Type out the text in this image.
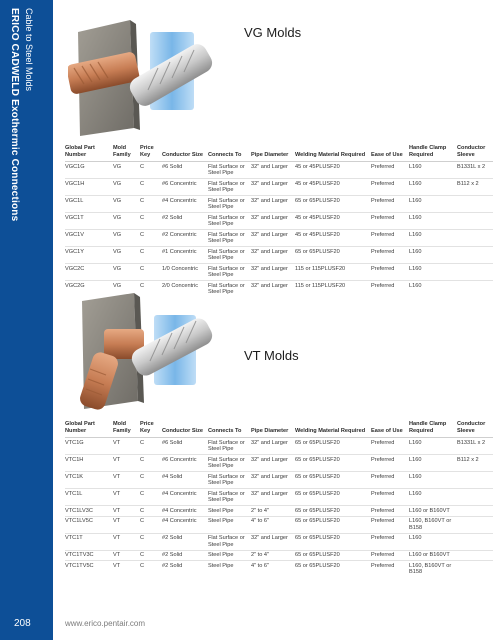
ERICO CADWELD Exothermic Connections Cable to Steel Molds
208
VG Molds
Global Part Number	Mold Family	Price Key	Conductor Size	Connects To	Pipe Diameter	Welding Material Required	Ease of Use	Handle Clamp Required	Conductor Sleeve
VGC1G	VG	C	#6 Solid	Flat Surface or Steel Pipe	32" and Larger	45 or 45PLUSF20	Preferred	L160	B1331L x 2
VGC1H	VG	C	#6 Concentric	Flat Surface or Steel Pipe	32" and Larger	45 or 45PLUSF20	Preferred	L160	B112 x 2
VGC1L	VG	C	#4 Concentric	Flat Surface or Steel Pipe	32" and Larger	65 or 65PLUSF20	Preferred	L160	
VGC1T	VG	C	#2 Solid	Flat Surface or Steel Pipe	32" and Larger	45 or 45PLUSF20	Preferred	L160	
VGC1V	VG	C	#2 Concentric	Flat Surface or Steel Pipe	32" and Larger	45 or 45PLUSF20	Preferred	L160	
VGC1Y	VG	C	#1 Concentric	Flat Surface or Steel Pipe	32" and Larger	65 or 65PLUSF20	Preferred	L160	
VGC2C	VG	C	1/0 Concentric	Flat Surface or Steel Pipe	32" and Larger	115 or 115PLUSF20	Preferred	L160	
VGC2G	VG	C	2/0 Concentric	Flat Surface or Steel Pipe	32" and Larger	115 or 115PLUSF20	Preferred	L160	
VT Molds
Global Part Number	Mold Family	Price Key	Conductor Size	Connects To	Pipe Diameter	Welding Material Required	Ease of Use	Handle Clamp Required	Conductor Sleeve
VTC1G	VT	C	#6 Solid	Flat Surface or Steel Pipe	32" and Larger	65 or 65PLUSF20	Preferred	L160	B1331L x 2
VTC1H	VT	C	#6 Concentric	Flat Surface or Steel Pipe	32" and Larger	65 or 65PLUSF20	Preferred	L160	B112 x 2
VTC1K	VT	C	#4 Solid	Flat Surface or Steel Pipe	32" and Larger	65 or 65PLUSF20	Preferred	L160	
VTC1L	VT	C	#4 Concentric	Flat Surface or Steel Pipe	32" and Larger	65 or 65PLUSF20	Preferred	L160	
VTC1LV3C	VT	C	#4 Concentric	Steel Pipe	2" to 4"	65 or 65PLUSF20	Preferred	L160 or B160VT	
VTC1LV5C	VT	C	#4 Concentric	Steel Pipe	4" to 6"	65 or 65PLUSF20	Preferred	L160, B160VT or B158	
VTC1T	VT	C	#2 Solid	Flat Surface or Steel Pipe	32" and Larger	65 or 65PLUSF20	Preferred	L160	
VTC1TV3C	VT	C	#2 Solid	Steel Pipe	2" to 4"	65 or 65PLUSF20	Preferred	L160 or B160VT	
VTC1TV5C	VT	C	#2 Solid	Steel Pipe	4" to 6"	65 or 65PLUSF20	Preferred	L160, B160VT or B158	
www.erico.pentair.com
